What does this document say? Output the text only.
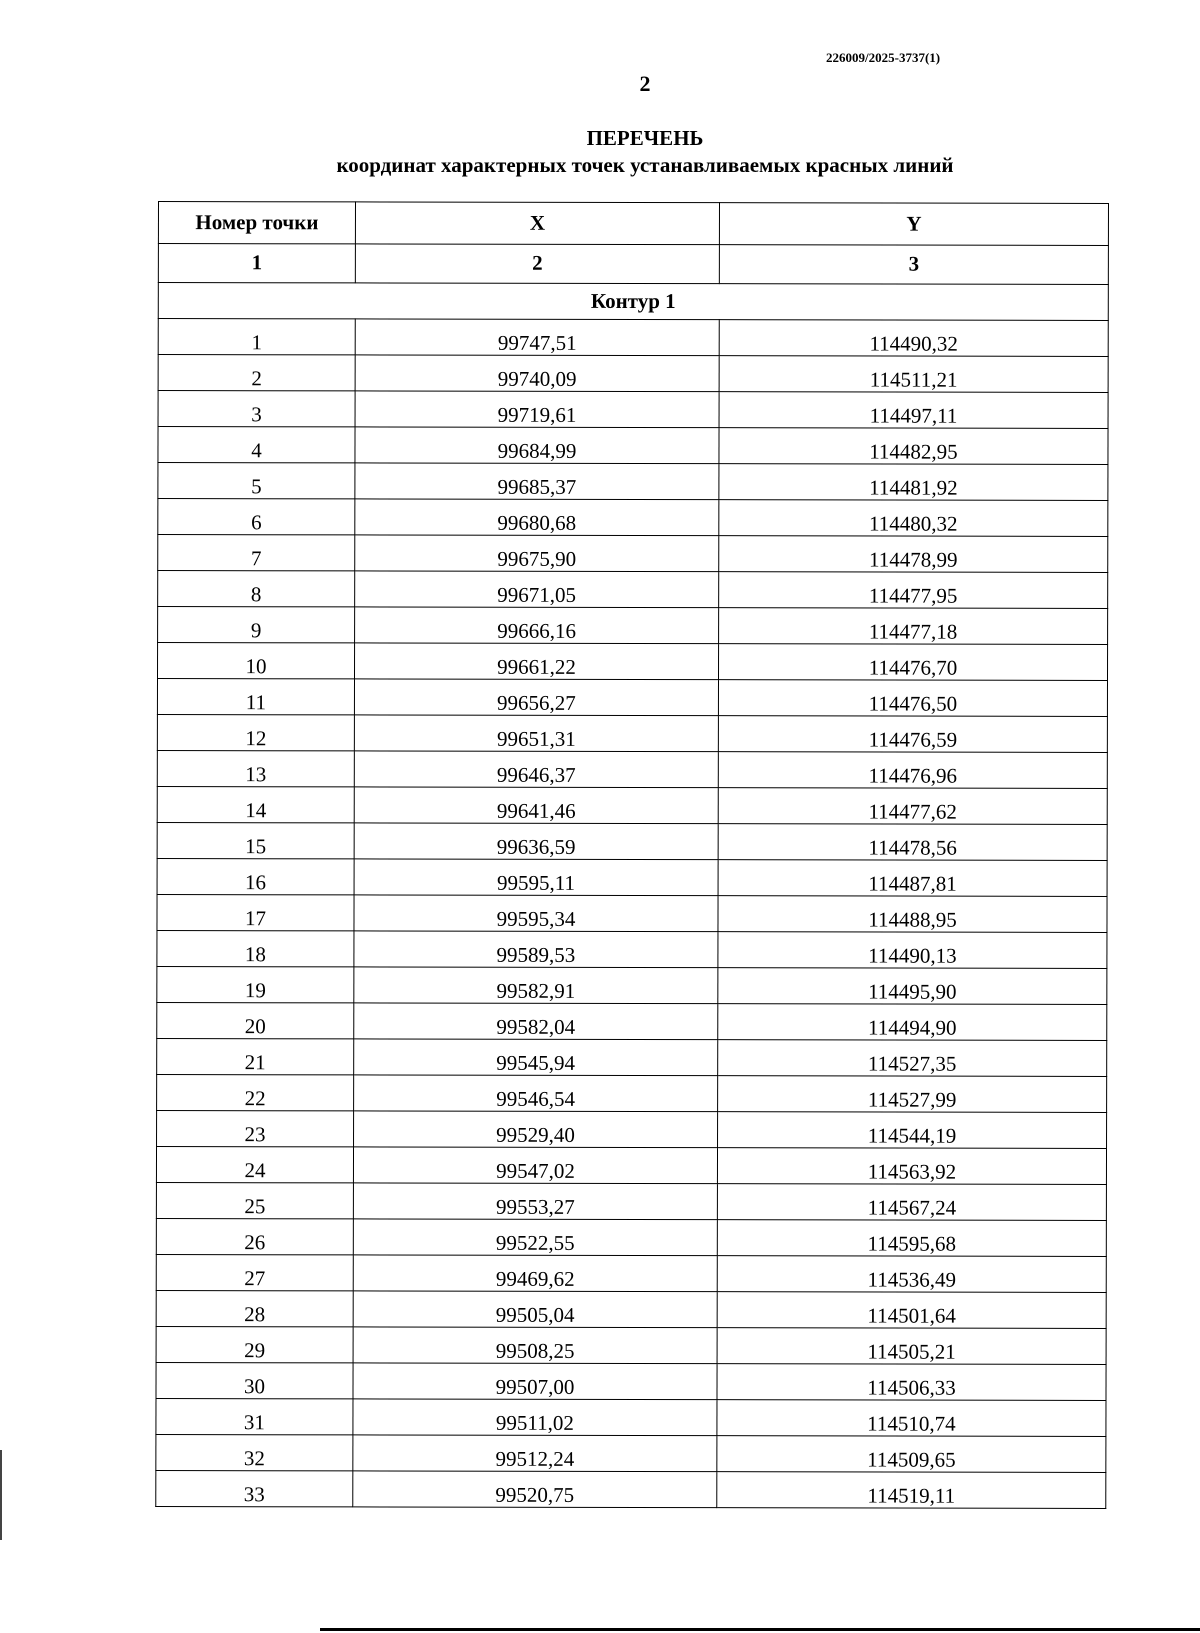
226009/2025-3737(1)
2
ПЕРЕЧЕНЬ
координат характерных точек устанавливаемых красных линий
Номер точки	X	Y
1	2	3
Контур 1		
1	99747,51	114490,32
2	99740,09	114511,21
3	99719,61	114497,11
4	99684,99	114482,95
5	99685,37	114481,92
6	99680,68	114480,32
7	99675,90	114478,99
8	99671,05	114477,95
9	99666,16	114477,18
10	99661,22	114476,70
11	99656,27	114476,50
12	99651,31	114476,59
13	99646,37	114476,96
14	99641,46	114477,62
15	99636,59	114478,56
16	99595,11	114487,81
17	99595,34	114488,95
18	99589,53	114490,13
19	99582,91	114495,90
20	99582,04	114494,90
21	99545,94	114527,35
22	99546,54	114527,99
23	99529,40	114544,19
24	99547,02	114563,92
25	99553,27	114567,24
26	99522,55	114595,68
27	99469,62	114536,49
28	99505,04	114501,64
29	99508,25	114505,21
30	99507,00	114506,33
31	99511,02	114510,74
32	99512,24	114509,65
33	99520,75	114519,11
